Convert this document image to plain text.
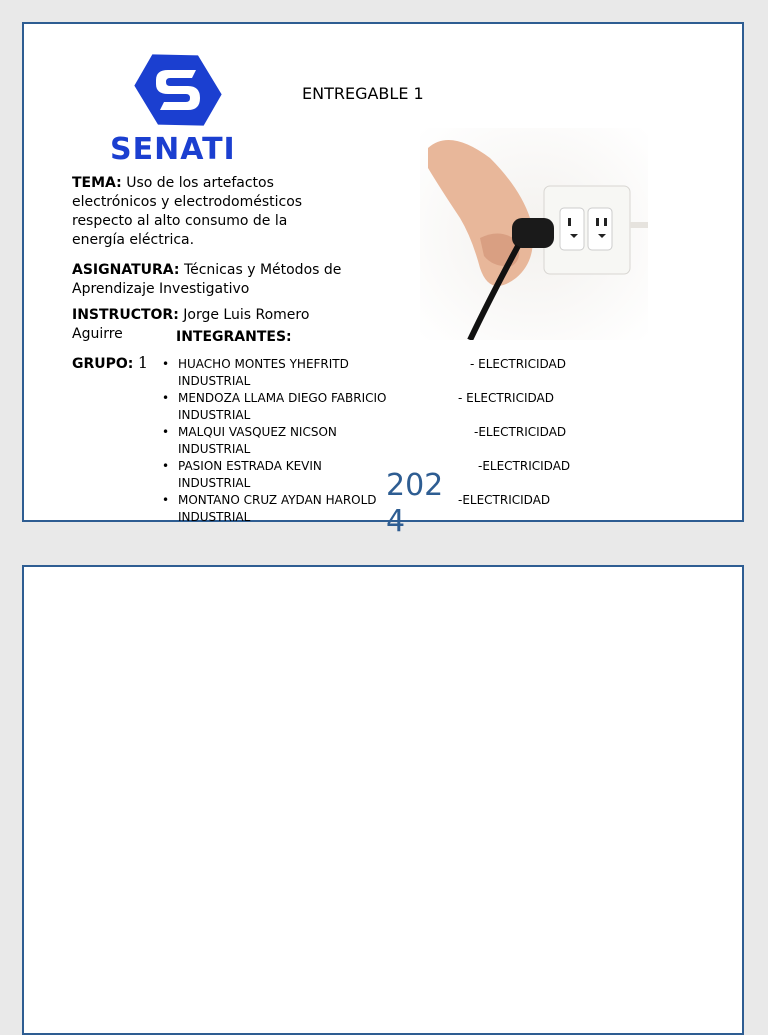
SENATI
ENTREGABLE 1
TEMA: Uso de los artefactos electrónicos y electrodomésticos respecto al alto consumo de la energía eléctrica.
ASIGNATURA: Técnicas y Métodos de Aprendizaje Investigativo
INSTRUCTOR: Jorge Luis Romero Aguirre
GRUPO: 1
INTEGRANTES:
• HUACHO MONTES YHEFRITD	- ELECTRICIDAD
INDUSTRIAL
• MENDOZA LLAMA DIEGO FABRICIO	- ELECTRICIDAD
INDUSTRIAL
• MALQUI VASQUEZ NICSON	-ELECTRICIDAD
INDUSTRIAL
• PASION ESTRADA KEVIN	-ELECTRICIDAD
INDUSTRIAL
• MONTANO CRUZ AYDAN HAROLD	-ELECTRICIDAD
INDUSTRIAL
2024
